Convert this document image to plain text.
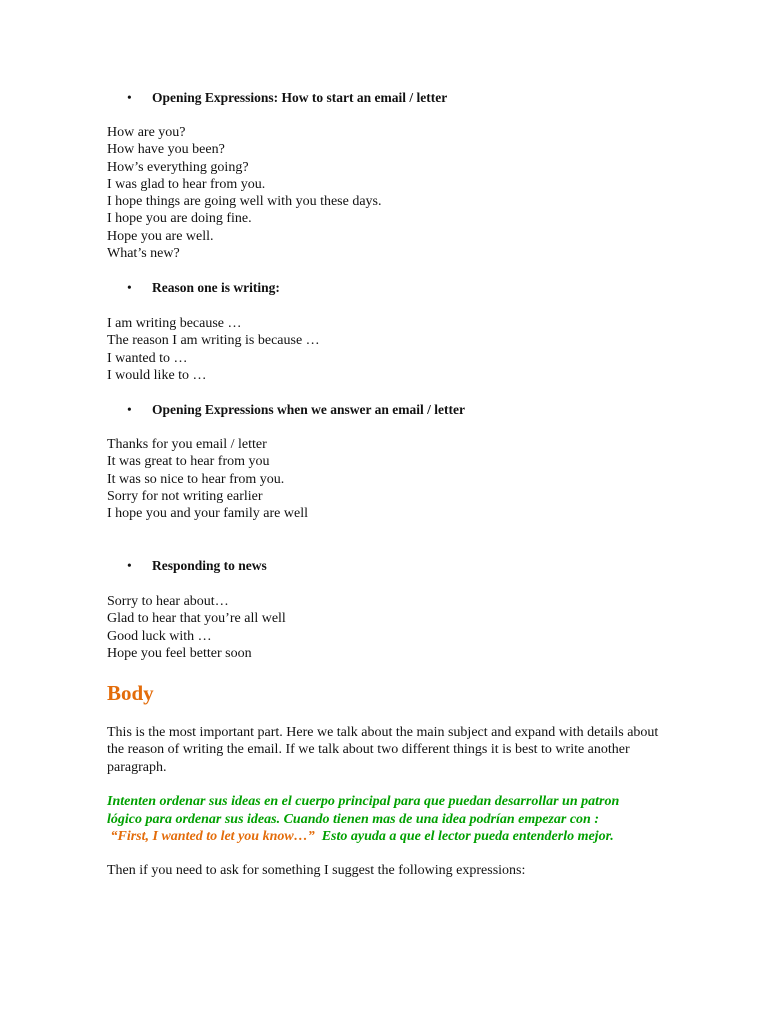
• Opening Expressions: How to start an email / letter
How are you?
How have you been?
How’s everything going?
I was glad to hear from you.
I hope things are going well with you these days.
I hope you are doing fine.
Hope you are well.
What’s new?
• Reason one is writing:
I am writing because …
The reason I am writing is because …
I wanted to …
I would like to …
• Opening Expressions when we answer an email / letter
Thanks for you email / letter
It was great to hear from you
It was so nice to hear from you.
Sorry for not writing earlier
I hope you and your family are well
• Responding to news
Sorry to hear about…
Glad to hear that you’re all well
Good luck with …
Hope you feel better soon
Body
This is the most important part. Here we talk about the main subject and expand with details about the reason of writing the email. If we talk about two different things it is best to write another paragraph.
Intenten ordenar sus ideas en el cuerpo principal para que puedan desarrollar un patron
lógico para ordenar sus ideas. Cuando tienen mas de una idea podrían empezar con :
“First, I wanted to let you know…”  Esto ayuda a que el lector pueda entenderlo mejor.
Then if you need to ask for something I suggest the following expressions:
